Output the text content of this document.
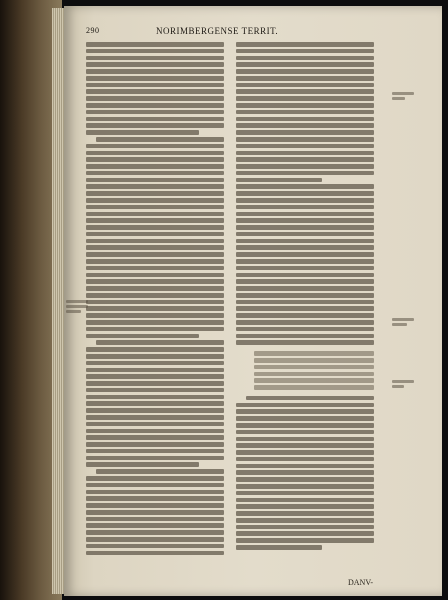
290	NORIMBERGENSE TERRIT.
DANV-
